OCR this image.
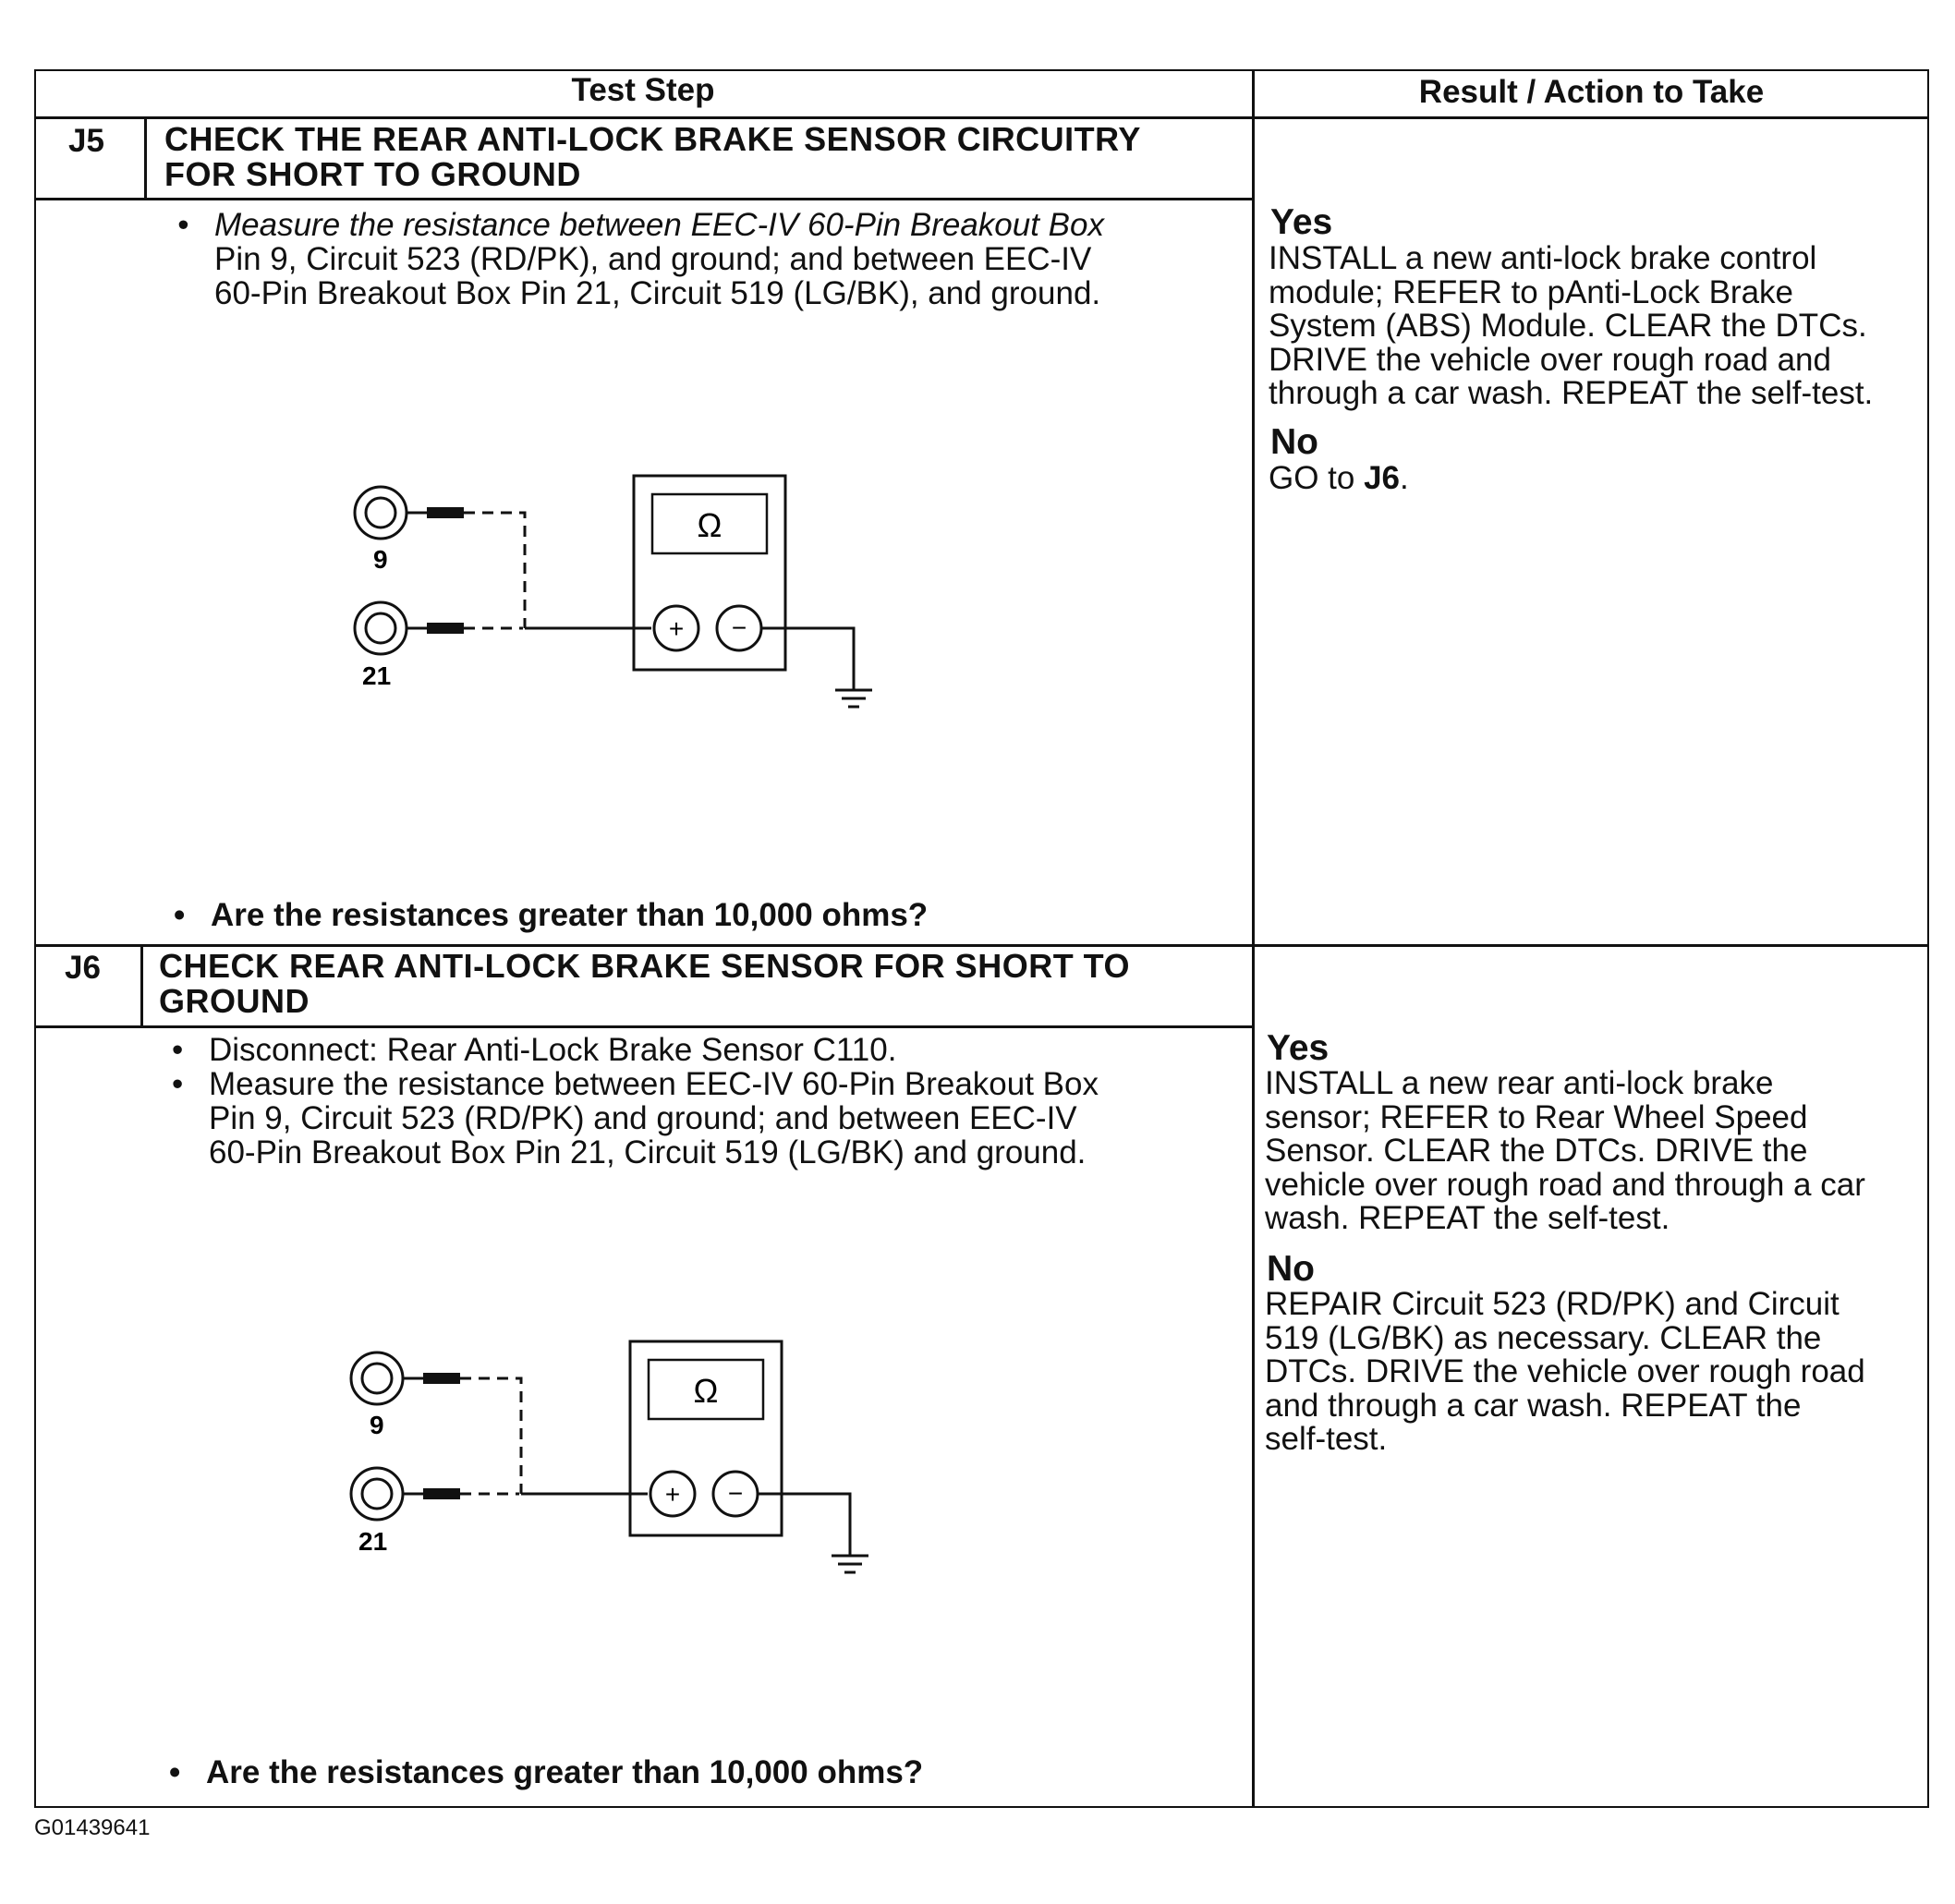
Test Step	Result / Action to Take
J5 CHECK THE REAR ANTI-LOCK BRAKE SENSOR CIRCUITRY
FOR SHORT TO GROUND
• Measure the resistance between EEC-IV 60-Pin Breakout Box
Pin 9, Circuit 523 (RD/PK), and ground; and between EEC-IV
60-Pin Breakout Box Pin 21, Circuit 519 (LG/BK), and ground.
9
21
Ω
+ −
• Are the resistances greater than 10,000 ohms?
Yes
INSTALL a new anti-lock brake control
module; REFER to pAnti-Lock Brake
System (ABS) Module. CLEAR the DTCs.
DRIVE the vehicle over rough road and
through a car wash. REPEAT the self-test.
No
GO to J6.
J6 CHECK REAR ANTI-LOCK BRAKE SENSOR FOR SHORT TO
GROUND
• Disconnect: Rear Anti-Lock Brake Sensor C110.
• Measure the resistance between EEC-IV 60-Pin Breakout Box
Pin 9, Circuit 523 (RD/PK) and ground; and between EEC-IV
60-Pin Breakout Box Pin 21, Circuit 519 (LG/BK) and ground.
9
21
Ω
+ −
• Are the resistances greater than 10,000 ohms?
Yes
INSTALL a new rear anti-lock brake
sensor; REFER to Rear Wheel Speed
Sensor. CLEAR the DTCs. DRIVE the
vehicle over rough road and through a car
wash. REPEAT the self-test.
No
REPAIR Circuit 523 (RD/PK) and Circuit
519 (LG/BK) as necessary. CLEAR the
DTCs. DRIVE the vehicle over rough road
and through a car wash. REPEAT the
self-test.
G01439641
